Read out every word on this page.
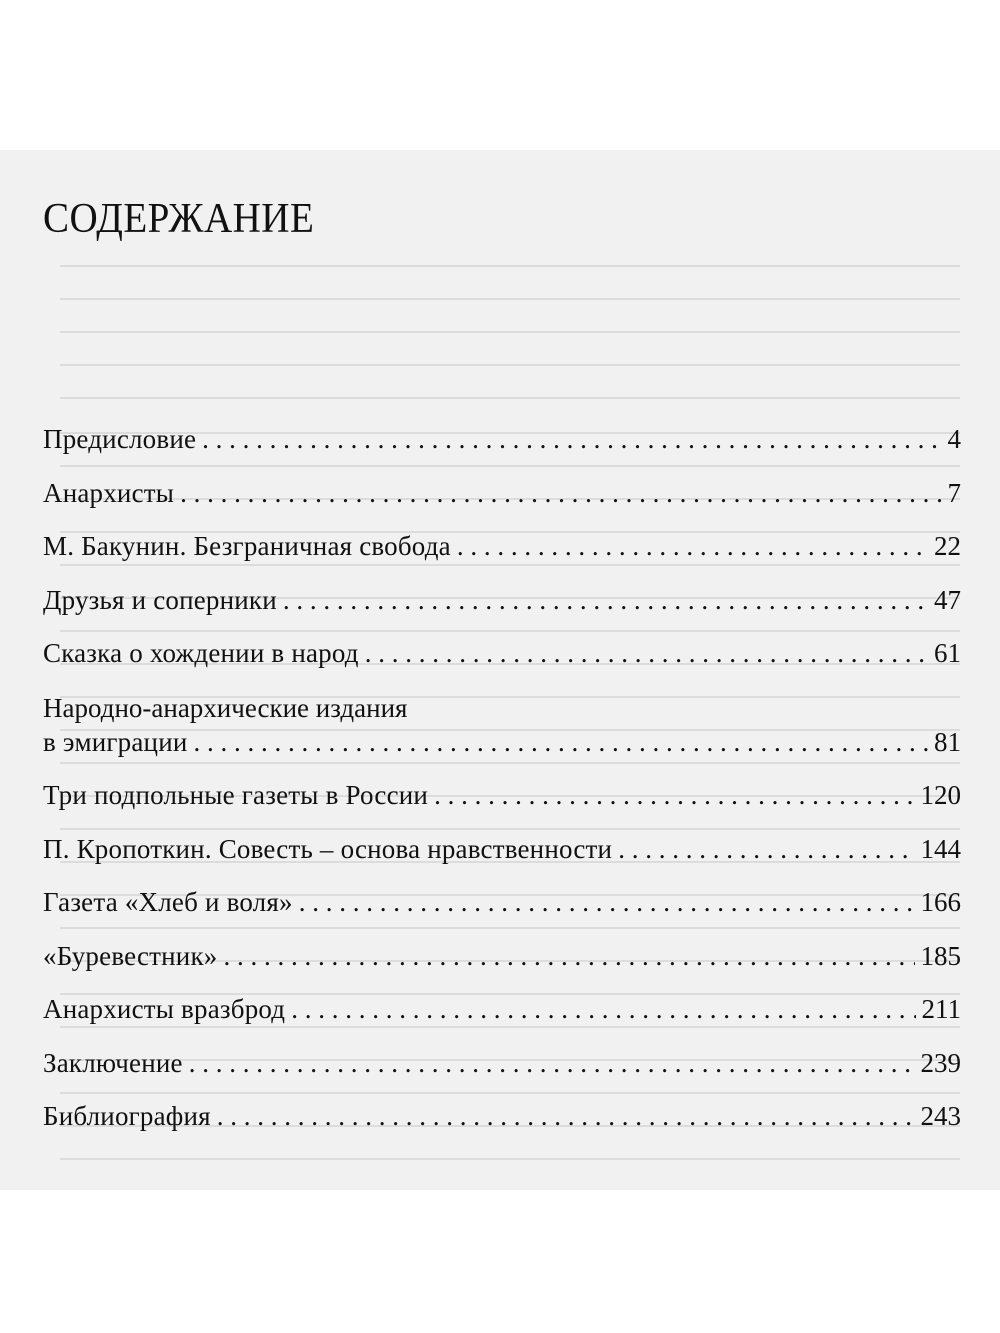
СОДЕРЖАНИЕ
Предисловие . . .	4
Анархисты . . .	7
М. Бакунин. Безграничная свобода . . .	22
Друзья и соперники . . .	47
Сказка о хождении в народ . . .	61
Народно-анархические издания
в эмиграции . . .	81
Три подпольные газеты в России . . .	120
П. Кропоткин. Совесть – основа нравственности . . .	144
Газета «Хлеб и воля» . . .	166
«Буревестник» . . .	185
Анархисты вразброд . . .	211
Заключение . . .	239
Библиография . . .	243
